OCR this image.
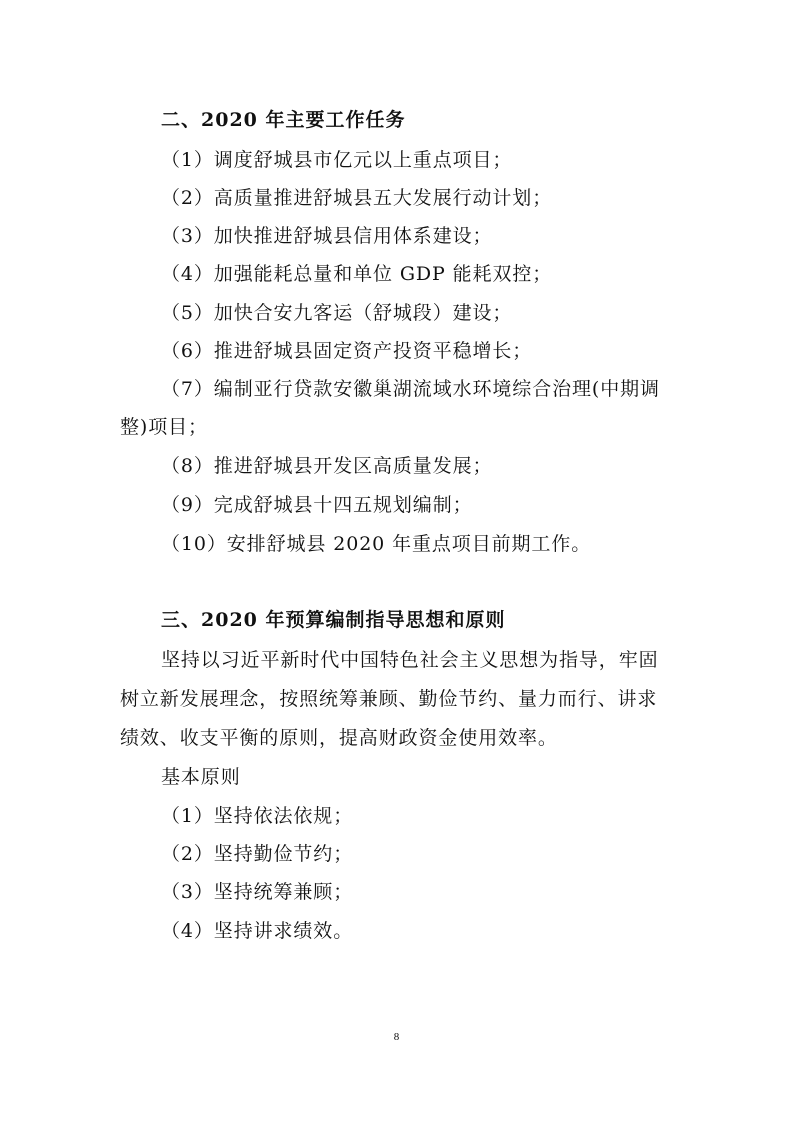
二、2020 年主要工作任务
（1）调度舒城县市亿元以上重点项目；
（2）高质量推进舒城县五大发展行动计划；
（3）加快推进舒城县信用体系建设；
（4）加强能耗总量和单位 GDP 能耗双控；
（5）加快合安九客运（舒城段）建设；
（6）推进舒城县固定资产投资平稳增长；
（7）编制亚行贷款安徽巢湖流域水环境综合治理(中期调
整)项目；
（8）推进舒城县开发区高质量发展；
（9）完成舒城县十四五规划编制；
（10）安排舒城县 2020 年重点项目前期工作。
三、2020 年预算编制指导思想和原则
坚持以习近平新时代中国特色社会主义思想为指导，牢固
树立新发展理念，按照统筹兼顾、勤俭节约、量力而行、讲求
绩效、收支平衡的原则，提高财政资金使用效率。
基本原则
（1）坚持依法依规；
（2）坚持勤俭节约；
（3）坚持统筹兼顾；
（4）坚持讲求绩效。
8
